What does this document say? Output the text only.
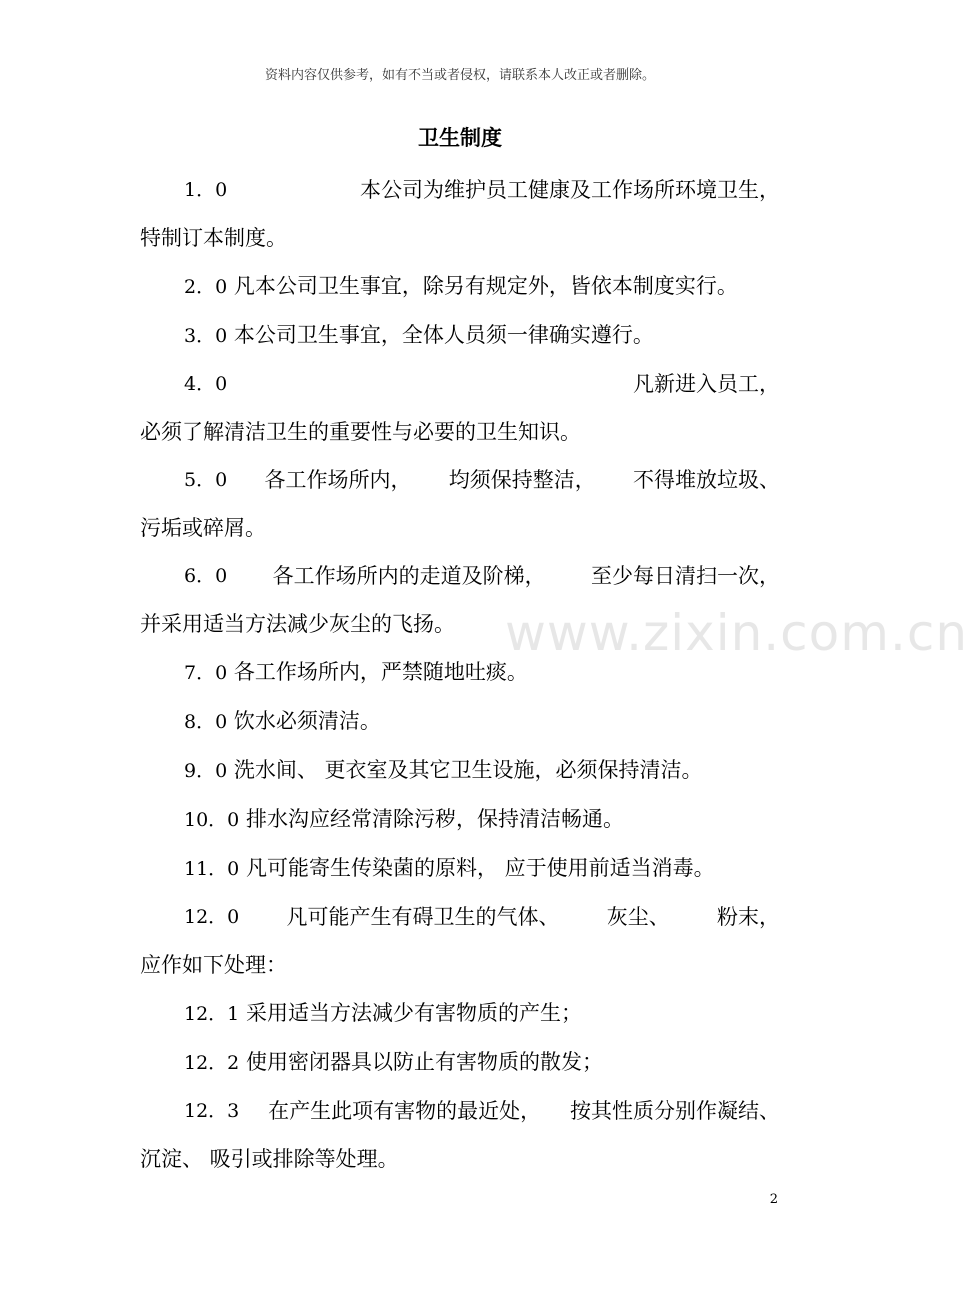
资料内容仅供参考，如有不当或者侵权，请联系本人改正或者删除。
卫生制度
1．0	本公司为维护员工健康及工作场所环境卫生，
特制订本制度。

2．0 凡本公司卫生事宜，除另有规定外，皆依本制度实行。

3．0 本公司卫生事宜，全体人员须一律确实遵行。

4．0	凡新进入员工，
必须了解清洁卫生的重要性与必要的卫生知识。
5．0 各工作场所内， 均须保持整洁， 不得堆放垃圾、
污垢或碎屑。
6．0 各工作场所内的走道及阶梯， 至少每日清扫一次，
并采用适当方法减少灰尘的飞扬。

7．0 各工作场所内，严禁随地吐痰。

8．0 饮水必须清洁。

9．0 洗水间、 更衣室及其它卫生设施，必须保持清洁。

10．0 排水沟应经常清除污秽，保持清洁畅通。

11．0 凡可能寄生传染菌的原料， 应于使用前适当消毒。

12．0 凡可能产生有碍卫生的气体、 灰尘、 粉末，
应作如下处理：

12．1 采用适当方法减少有害物质的产生；

12．2 使用密闭器具以防止有害物质的散发；

12．3 在产生此项有害物的最近处， 按其性质分别作凝结、
沉淀、 吸引或排除等处理。
www.zixin.com.cn
2
